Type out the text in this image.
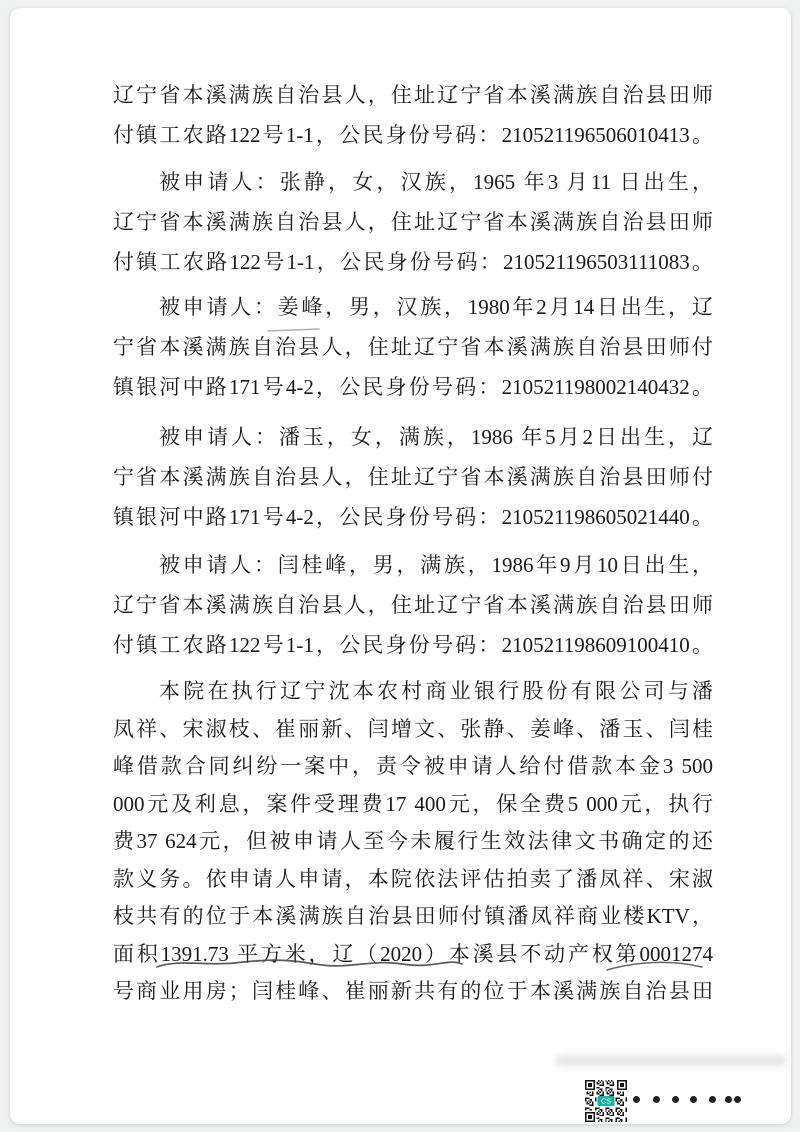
辽宁省本溪满族自治县人，住址辽宁省本溪满族自治县田师
付镇工农路122号1-1，公民身份号码：210521196506010413。
被申请人：张静，女，汉族，1965 年3 月11 日出生，
辽宁省本溪满族自治县人，住址辽宁省本溪满族自治县田师
付镇工农路122号1-1，公民身份号码：210521196503111083。
被申请人：姜峰，男，汉族，1980年2月14日出生，辽
宁省本溪满族自治县人，住址辽宁省本溪满族自治县田师付
镇银河中路171号4-2，公民身份号码：210521198002140432。
被申请人：潘玉，女，满族，1986 年5月2日出生，辽
宁省本溪满族自治县人，住址辽宁省本溪满族自治县田师付
镇银河中路171号4-2，公民身份号码：210521198605021440。
被申请人：闫桂峰，男，满族，1986年9月10日出生，
辽宁省本溪满族自治县人，住址辽宁省本溪满族自治县田师
付镇工农路122号1-1，公民身份号码：210521198609100410。
本院在执行辽宁沈本农村商业银行股份有限公司与潘
凤祥、宋淑枝、崔丽新、闫增文、张静、姜峰、潘玉、闫桂
峰借款合同纠纷一案中，责令被申请人给付借款本金3 500
000元及利息，案件受理费17 400元，保全费5 000元，执行
费37 624元，但被申请人至今未履行生效法律文书确定的还
款义务。依申请人申请，本院依法评估拍卖了潘凤祥、宋淑
枝共有的位于本溪满族自治县田师付镇潘凤祥商业楼KTV，
面积1391.73 平方米，辽（2020）本溪县不动产权第0001274
号商业用房；闫桂峰、崔丽新共有的位于本溪满族自治县田
CS
